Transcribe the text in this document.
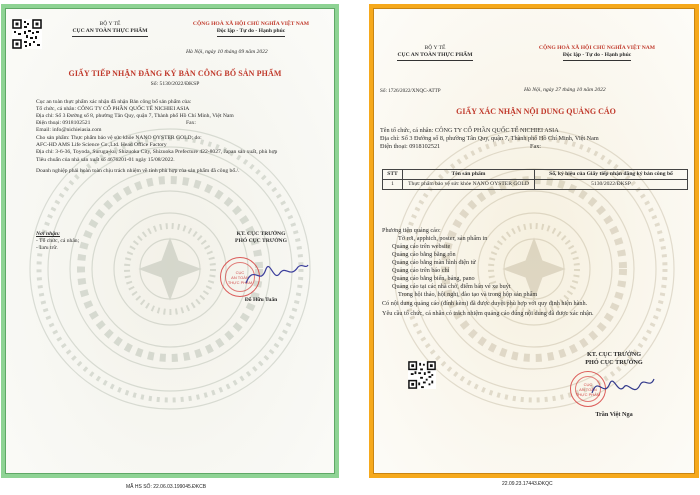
BỘ Y TẾ
CỤC AN TOÀN THỰC PHẨM
CỘNG HOÀ XÃ HỘI CHỦ NGHĨA VIỆT NAM
Độc lập - Tự do - Hạnh phúc
Hà Nội, ngày 10 tháng 09 năm 2022
GIẤY TIẾP NHẬN ĐĂNG KÝ BẢN CÔNG BỐ SẢN PHẨM
Số: 5130/2022/ĐKSP
Cục an toàn thực phẩm xác nhận đã nhận Bản công bố sản phẩm của:
Tổ chức, cá nhân: CÔNG TY CỔ PHẦN QUỐC TẾ NICHIEI ASIA
Địa chỉ: Số 3 Đường số 8, phường Tân Quy, quận 7, Thành phố Hồ Chí Minh, Việt Nam
Điện thoại: 0918102521	Fax:
Email: info@nichieiasia.com
Cho sản phẩm: Thực phẩm bảo vệ sức khỏe NANO OYSTER GOLD; do:
AFC-HD AMS Life Science Co.,Ltd. Head Office Factory
Địa chỉ: 3-6-36, Toyoda, Suruga-ku, Shizuoka City, Shizuoka Prefecture 422-8027, Japan sản xuất, phù hợp
Tiêu chuẩn của nhà sản xuất số 4676201-01 ngày 15/08/2022.
Doanh nghiệp phải hoàn toàn chịu trách nhiệm về tính phù hợp của sản phẩm đã công bố./.
Nơi nhận:
- Tổ chức, cá nhân;
- Lưu trữ.
KT. CỤC TRƯỞNG
PHÓ CỤC TRƯỞNG
CỤC
AN TOÀN
THỰC PHẨM
Đỗ Hữu Tuấn
MÃ HS SỐ: 22.06.03.199045.ĐKCB
BỘ Y TẾ
CỤC AN TOÀN THỰC PHẨM
CỘNG HOÀ XÃ HỘI CHỦ NGHĨA VIỆT NAM
Độc lập - Tự do - Hạnh phúc
Số: 1726/2022/XNQC-ATTP	Hà Nội, ngày 27 tháng 10 năm 2022
GIẤY XÁC NHẬN NỘI DUNG QUẢNG CÁO
Tên tổ chức, cá nhân: CÔNG TY CỔ PHẦN QUỐC TẾ NICHIEI ASIA
Địa chỉ: Số 3 Đường số 8, phường Tân Quy, quận 7, Thành phố Hồ Chí Minh, Việt Nam
Điện thoại: 0918102521	Fax:
STT	Tên sản phẩm	Số, ký hiệu của Giấy tiếp nhận đăng ký bản công bố
1	Thực phẩm bảo vệ sức khỏe NANO OYSTER GOLD	5130/2022/ĐKSP
Phương tiện quảng cáo:
Tờ rơi, apphich, poster, sản phẩm in
Quảng cáo trên website
Quảng cáo bằng băng rôn
Quảng cáo bằng màn hình điện tử
Quảng cáo trên báo chí
Quảng cáo bằng biển, bảng, pano
Quảng cáo tại các nhà chờ, điểm bán vé xe buýt
Trong hội thảo, hội nghị, đào tạo và trong hộp sản phẩm
Có nội dung quảng cáo (đính kèm) đã được duyệt phù hợp với quy định hiện hành.
Yêu cầu tổ chức, cá nhân có trách nhiệm quảng cáo đúng nội dung đã được xác nhận.
KT. CỤC TRƯỞNG
PHÓ CỤC TRƯỞNG
CỤC
AN TOÀN
THỰC PHẨM
Trần Việt Nga
22.09.23.17443.ĐKQC
